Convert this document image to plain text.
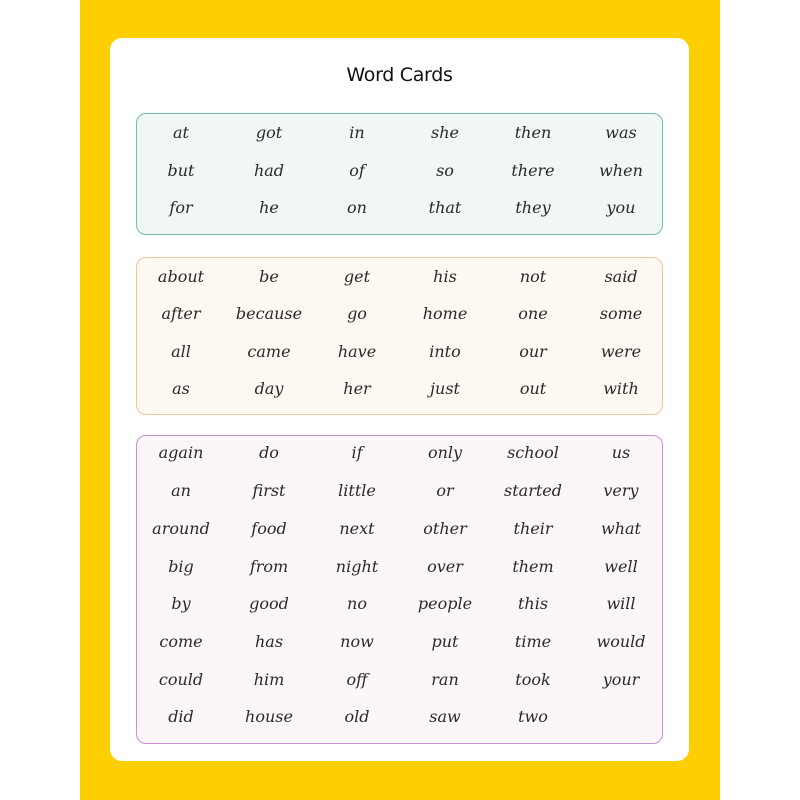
Word Cards
at	got	in	she	then	was
but	had	of	so	there	when
for	he	on	that	they	you
about	be	get	his	not	said
after	because	go	home	one	some
all	came	have	into	our	were
as	day	her	just	out	with
again	do	if	only	school	us
an	first	little	or	started	very
around	food	next	other	their	what
big	from	night	over	them	well
by	good	no	people	this	will
come	has	now	put	time	would
could	him	off	ran	took	your
did	house	old	saw	two
